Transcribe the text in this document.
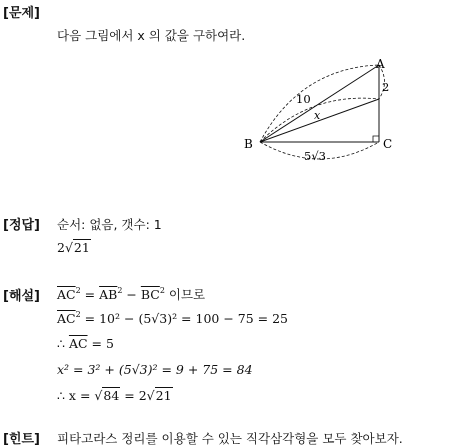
[문제]
다음 그림에서 x 의 값을 구하여라.
A
B	C
10
2
x
5√3
[정답] 순서: 없음, 갯수: 1
2√21
[해설] $\overline{AC}^2 = \overline{AB}^2 - \overline{BC}^2$ 이므로
$\overline{AC}^2 = 10^2 - (5√3)^2 = 100 - 75 = 25$
∴ $\overline{AC} = 5$
x² = 3² + (5√3)² = 9 + 75 = 84
∴ x = √84 = 2√21
[힌트] 피타고라스 정리를 이용할 수 있는 직각삼각형을 모두 찾아보자.
